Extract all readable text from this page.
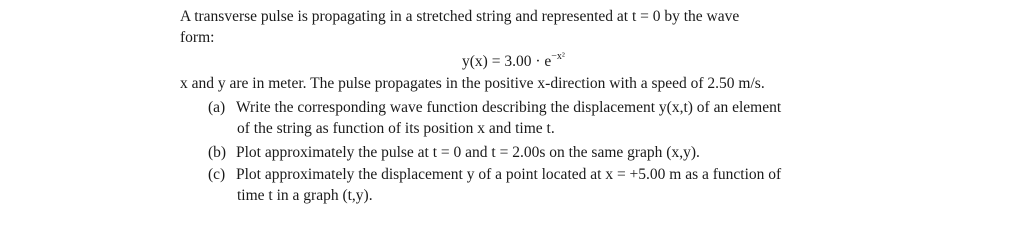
A transverse pulse is propagating in a stretched string and represented at t = 0 by the wave
form:
$y(x) = 3.00 \cdot e^{-x^2}$
x and y are in meter. The pulse propagates in the positive x-direction with a speed of 2.50 m/s.
(a) Write the corresponding wave function describing the displacement y(x,t) of an element
of the string as function of its position x and time t.
(b) Plot approximately the pulse at t = 0 and t = 2.00s on the same graph (x,y).
(c) Plot approximately the displacement y of a point located at x = +5.00 m as a function of
time t in a graph (t,y).
